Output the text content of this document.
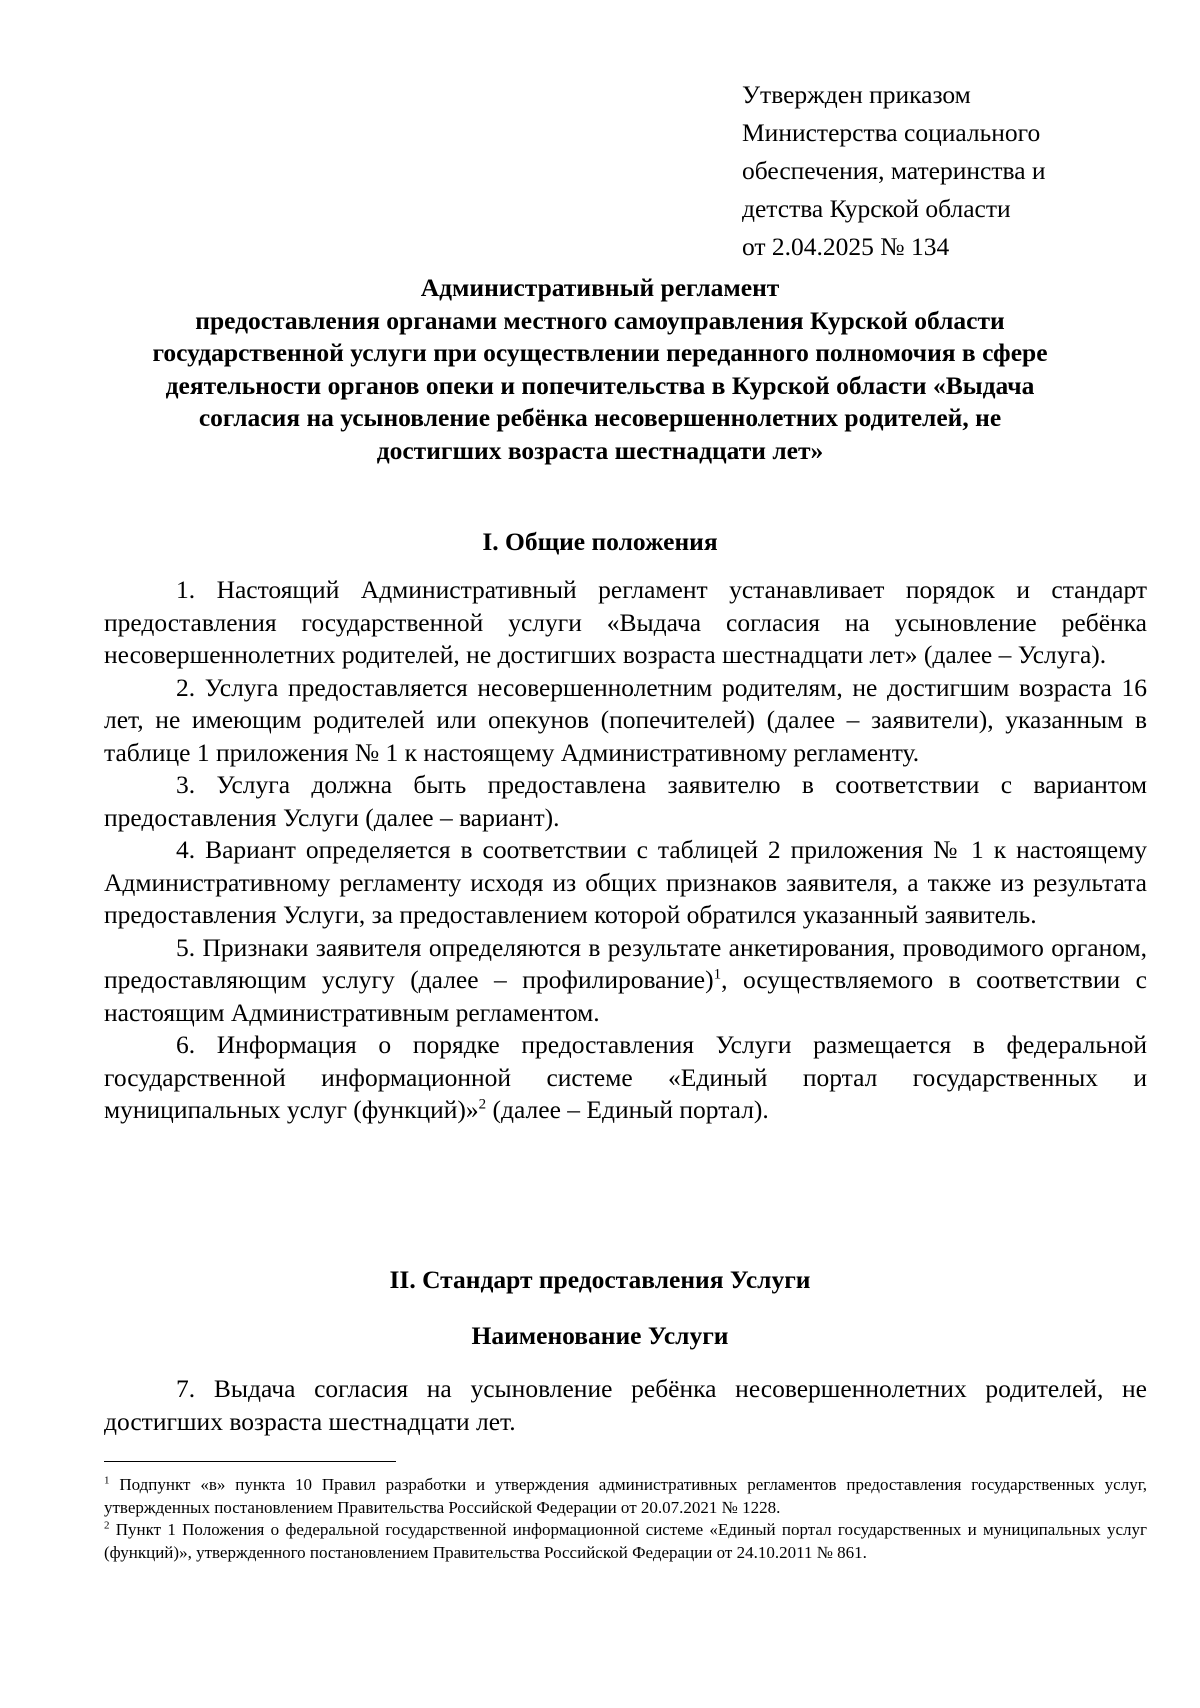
Утвержден приказом
Министерства социального
обеспечения, материнства и
детства Курской области
от 2.04.2025 № 134
Административный регламент
предоставления органами местного самоуправления Курской области
государственной услуги при осуществлении переданного полномочия в сфере
деятельности органов опеки и попечительства в Курской области «Выдача
согласия на усыновление ребёнка несовершеннолетних родителей, не
достигших возраста шестнадцати лет»
I. Общие положения

1. Настоящий Административный регламент устанавливает порядок и стандарт предоставления государственной услуги «Выдача согласия на усыновление ребёнка несовершеннолетних родителей, не достигших возраста шестнадцати лет» (далее – Услуга).

2. Услуга предоставляется несовершеннолетним родителям, не достигшим возраста 16 лет, не имеющим родителей или опекунов (попечителей) (далее – заявители), указанным в таблице 1 приложения № 1 к настоящему Административному регламенту.

3. Услуга должна быть предоставлена заявителю в соответствии с вариантом предоставления Услуги (далее – вариант).

4. Вариант определяется в соответствии с таблицей 2 приложения № 1 к настоящему Административному регламенту исходя из общих признаков заявителя, а также из результата предоставления Услуги, за предоставлением которой обратился указанный заявитель.

5. Признаки заявителя определяются в результате анкетирования, проводимого органом, предоставляющим услугу (далее – профилирование)$^1$, осуществляемого в соответствии с настоящим Административным регламентом.

6. Информация о порядке предоставления Услуги размещается в федеральной государственной информационной системе «Единый портал государственных и муниципальных услуг (функций)»$^2$ (далее – Единый портал).

II. Стандарт предоставления Услуги
Наименование Услуги

7. Выдача согласия на усыновление ребёнка несовершеннолетних родителей, не достигших возраста шестнадцати лет.

$^1$ Подпункт «в» пункта 10 Правил разработки и утверждения административных регламентов предоставления государственных услуг, утвержденных постановлением Правительства Российской Федерации от 20.07.2021 № 1228.

$^2$ Пункт 1 Положения о федеральной государственной информационной системе «Единый портал государственных и муниципальных услуг (функций)», утвержденного постановлением Правительства Российской Федерации от 24.10.2011 № 861.
